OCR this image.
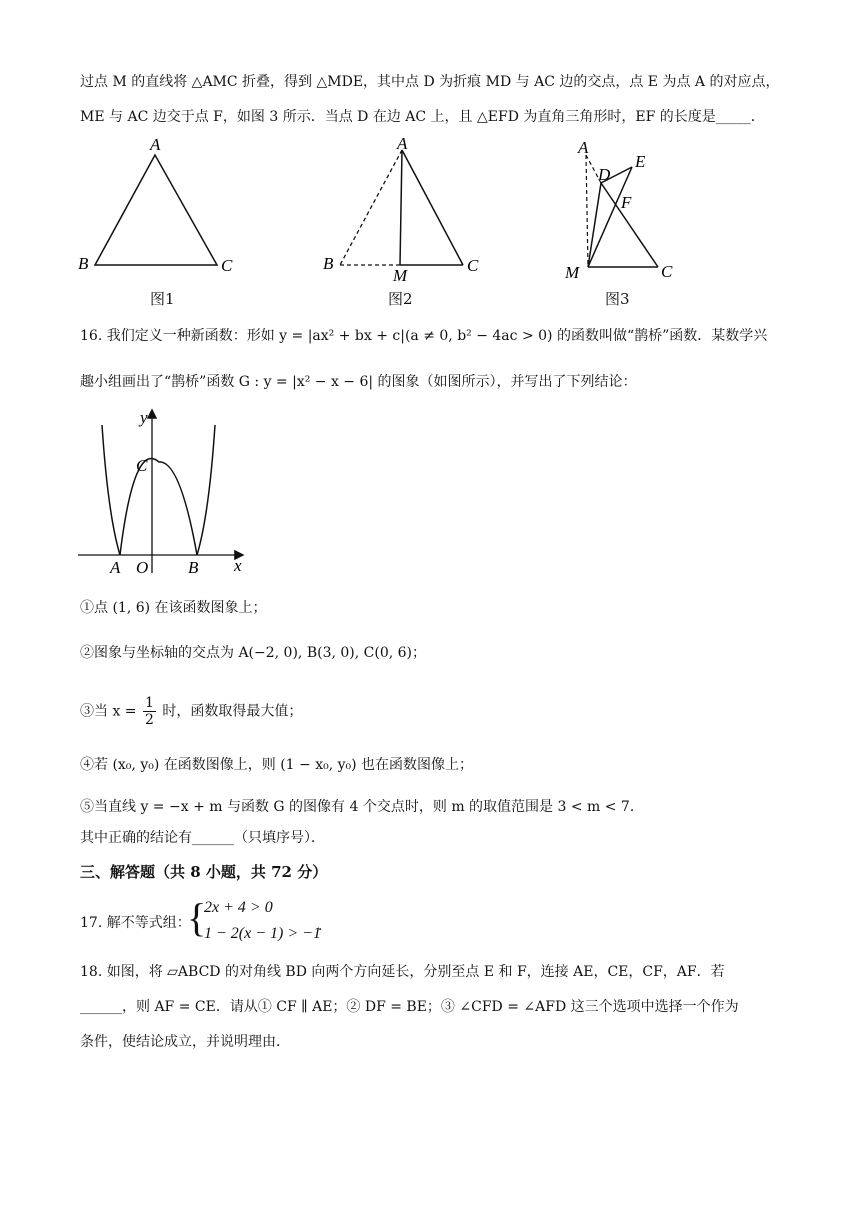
过点 M 的直线将 △AMC 折叠，得到 △MDE，其中点 D 为折痕 MD 与 AC 边的交点，点 E 为点 A 的对应点，
ME 与 AC 边交于点 F，如图 3 所示．当点 D 在边 AC 上，且 △EFD 为直角三角形时，EF 的长度是_____．
A
B	C
图1
A
B	C
M
图2
A
D
E
F
M	C
图3
16. 我们定义一种新函数：形如 y = |ax² + bx + c|(a ≠ 0, b² − 4ac > 0) 的函数叫做“鹊桥”函数．某数学兴
趣小组画出了“鹊桥”函数 G : y = |x² − x − 6| 的图象（如图所示），并写出了下列结论：
y
x
C
A O B
①点 (1, 6) 在该函数图象上；
②图象与坐标轴的交点为 A(−2, 0), B(3, 0), C(0, 6)；
③当 $x = \frac{1}{2}$ 时，函数取得最大值；
④若 (x₀, y₀) 在函数图像上，则 (1 − x₀, y₀) 也在函数图像上；
⑤当直线 y = −x + m 与函数 G 的图像有 4 个交点时，则 m 的取值范围是 3 < m < 7．
其中正确的结论有______（只填序号）．
三、解答题（共 8 小题，共 72 分）
17. 解不等式组：
{
2x + 4 > 0
1 − 2(x − 1) > −1
．
18. 如图，将 ▱ABCD 的对角线 BD 向两个方向延长，分别至点 E 和 F，连接 AE，CE，CF，AF．若
______，则 AF = CE．请从① CF ∥ AE；② DF = BE；③ ∠CFD = ∠AFD 这三个选项中选择一个作为
条件，使结论成立，并说明理由．
